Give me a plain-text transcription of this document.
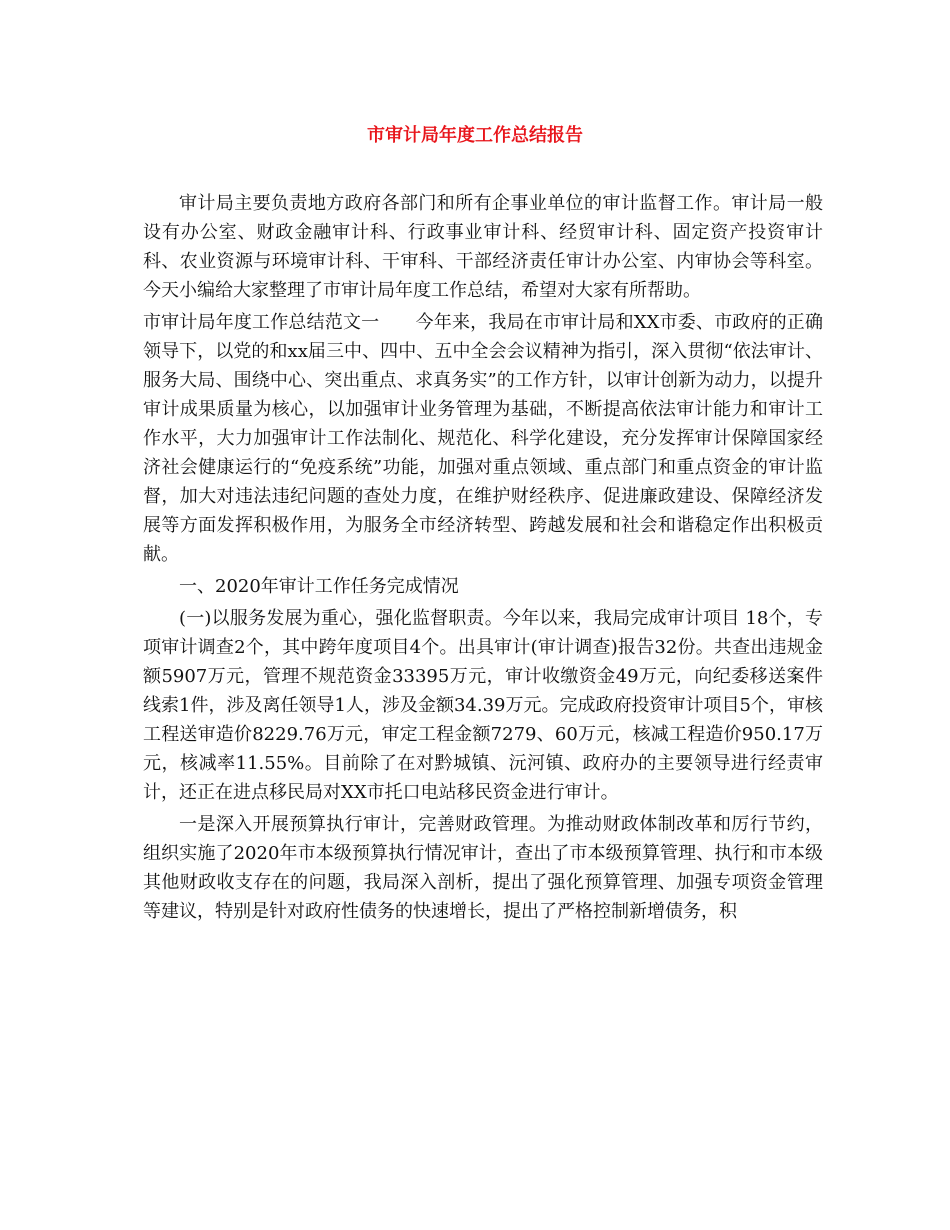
市审计局年度工作总结报告

审计局主要负责地方政府各部门和所有企事业单位的审计监督工作。审计局一般设有办公室、财政金融审计科、行政事业审计科、经贸审计科、固定资产投资审计科、农业资源与环境审计科、干审科、干部经济责任审计办公室、内审协会等科室。今天小编给大家整理了市审计局年度工作总结，希望对大家有所帮助。

市审计局年度工作总结范文一　　今年来，我局在市审计局和XX市委、市政府的正确领导下，以党的和xx届三中、四中、五中全会会议精神为指引，深入贯彻“依法审计、服务大局、围绕中心、突出重点、求真务实”的工作方针，以审计创新为动力，以提升审计成果质量为核心，以加强审计业务管理为基础，不断提高依法审计能力和审计工作水平，大力加强审计工作法制化、规范化、科学化建设，充分发挥审计保障国家经济社会健康运行的“免疫系统”功能，加强对重点领域、重点部门和重点资金的审计监督，加大对违法违纪问题的查处力度，在维护财经秩序、促进廉政建设、保障经济发展等方面发挥积极作用，为服务全市经济转型、跨越发展和社会和谐稳定作出积极贡献。

一、2020年审计工作任务完成情况

(一)以服务发展为重心，强化监督职责。今年以来，我局完成审计项目 18个，专项审计调查2个，其中跨年度项目4个。出具审计(审计调查)报告32份。共查出违规金额5907万元，管理不规范资金33395万元，审计收缴资金49万元，向纪委移送案件线索1件，涉及离任领导1人，涉及金额34.39万元。完成政府投资审计项目5个，审核工程送审造价8229.76万元，审定工程金额7279、60万元，核减工程造价950.17万元，核减率11.55%。目前除了在对黔城镇、沅河镇、政府办的主要领导进行经责审计，还正在进点移民局对XX市托口电站移民资金进行审计。

一是深入开展预算执行审计，完善财政管理。为推动财政体制改革和厉行节约，组织实施了2020年市本级预算执行情况审计，查出了市本级预算管理、执行和市本级其他财政收支存在的问题，我局深入剖析，提出了强化预算管理、加强专项资金管理等建议，特别是针对政府性债务的快速增长，提出了严格控制新增债务，积
